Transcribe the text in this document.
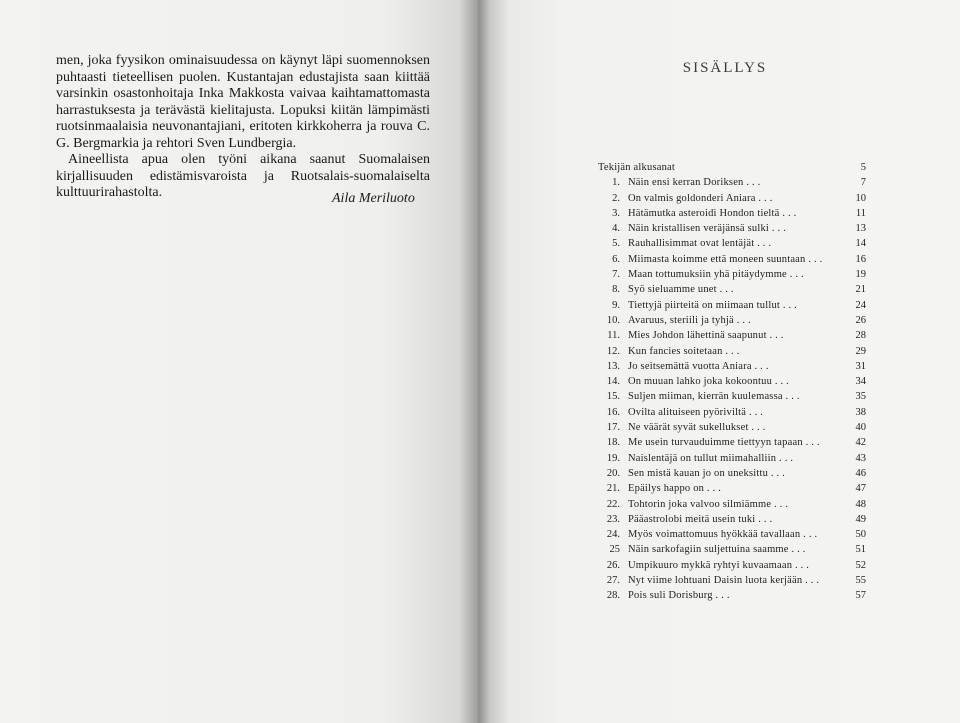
men, joka fyysikon ominaisuudessa on käynyt läpi suomennoksen puhtaasti tieteellisen puolen. Kustantajan edustajista saan kiittää varsinkin osastonhoitaja Inka Makkosta vaivaa kaihtamattomasta harrastuksesta ja terävästä kielitajusta. Lopuksi kiitän lämpimästi ruotsinmaalaisia neuvonantajiani, eritoten kirkkoherra ja rouva C. G. Bergmarkia ja rehtori Sven Lundbergia.

Aineellista apua olen työni aikana saanut Suomalaisen kirjallisuuden edistämisvaroista ja Ruotsalais-suomalaiselta kulttuurirahastolta.	Aila Meriluoto
SISÄLLYS
Tekijän alkusanat	5
1. Näin ensi kerran Doriksen . . .	7
2. On valmis goldonderi Aniara . . .	10
3. Hätämutka asteroidi Hondon tieltä . . .	11
4. Näin kristallisen veräjänsä sulki . . .	13
5. Rauhallisimmat ovat lentäjät . . .	14
6. Miimasta koimme että moneen suuntaan . . .	16
7. Maan tottumuksiin yhä pitäydymme . . .	19
8. Syö sieluamme unet . . .	21
9. Tiettyjä piirteitä on miimaan tullut . . .	24
10. Avaruus, steriili ja tyhjä . . .	26
11. Mies Johdon lähettinä saapunut . . .	28
12. Kun fancies soitetaan . . .	29
13. Jo seitsemättä vuotta Aniara . . .	31
14. On muuan lahko joka kokoontuu . . .	34
15. Suljen miiman, kierrän kuulemassa . . .	35
16. Ovilta alituiseen pyöriviltä . . .	38
17. Ne väärät syvät sukellukset . . .	40
18. Me usein turvauduimme tiettyyn tapaan . . .	42
19. Naislentäjä on tullut miimahalliin . . .	43
20. Sen mistä kauan jo on uneksittu . . .	46
21. Epäilys happo on . . .	47
22. Tohtorin joka valvoo silmiämme . . .	48
23. Pääastrolobi meitä usein tuki . . .	49
24. Myös voimattomuus hyökkää tavallaan . . .	50
25 Näin sarkofagiin suljettuina saamme . . .	51
26. Umpikuuro mykkä ryhtyi kuvaamaan . . .	52
27. Nyt viime lohtuani Daisin luota kerjään . . .	55
28. Pois suli Dorisburg . . .	57
